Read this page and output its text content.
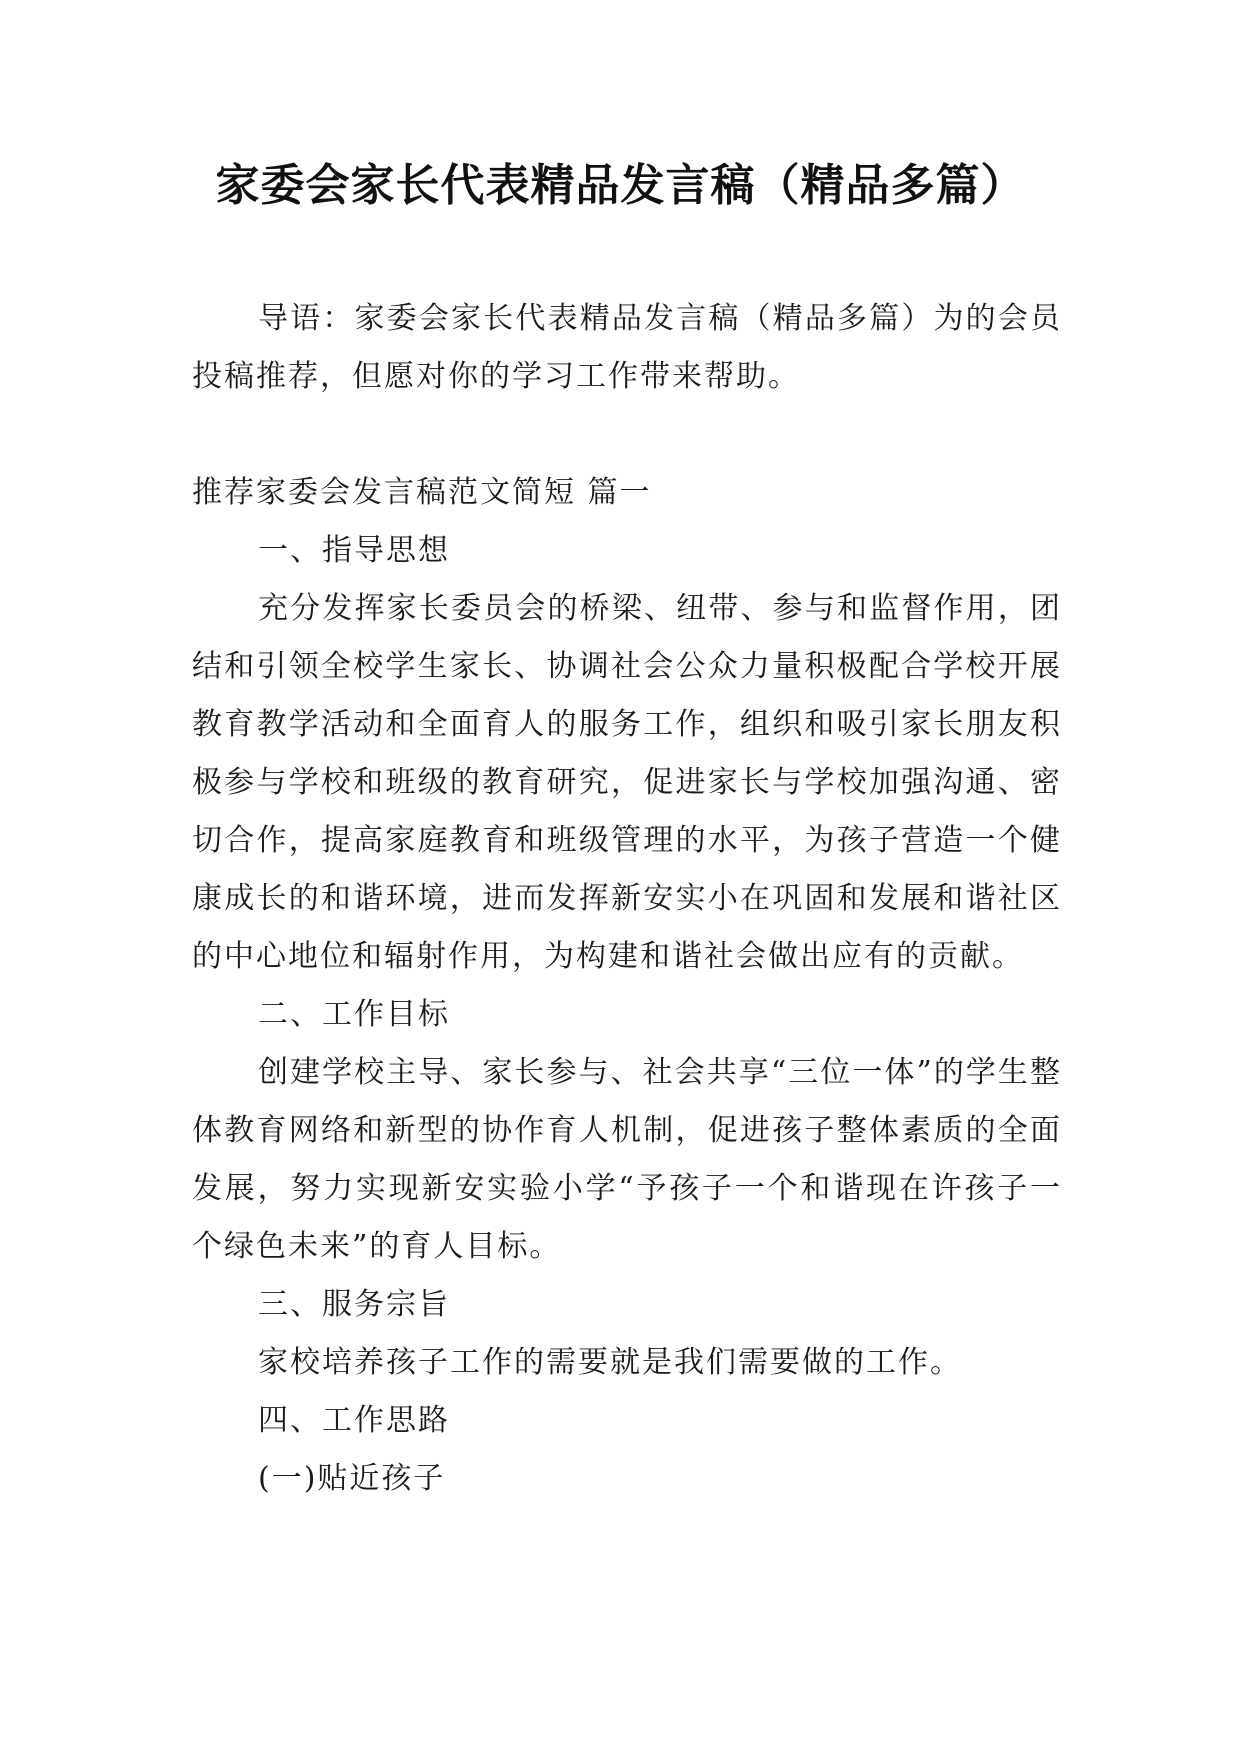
家委会家长代表精品发言稿（精品多篇）

导语：家委会家长代表精品发言稿（精品多篇）为的会员投稿推荐，但愿对你的学习工作带来帮助。

推荐家委会发言稿范文简短 篇一

一、指导思想

充分发挥家长委员会的桥梁、纽带、参与和监督作用，团结和引领全校学生家长、协调社会公众力量积极配合学校开展教育教学活动和全面育人的服务工作，组织和吸引家长朋友积极参与学校和班级的教育研究，促进家长与学校加强沟通、密切合作，提高家庭教育和班级管理的水平，为孩子营造一个健康成长的和谐环境，进而发挥新安实小在巩固和发展和谐社区的中心地位和辐射作用，为构建和谐社会做出应有的贡献。

二、工作目标

创建学校主导、家长参与、社会共享“三位一体”的学生整体教育网络和新型的协作育人机制，促进孩子整体素质的全面发展，努力实现新安实验小学“予孩子一个和谐现在许孩子一个绿色未来”的育人目标。

三、服务宗旨

家校培养孩子工作的需要就是我们需要做的工作。

四、工作思路

(一)贴近孩子
